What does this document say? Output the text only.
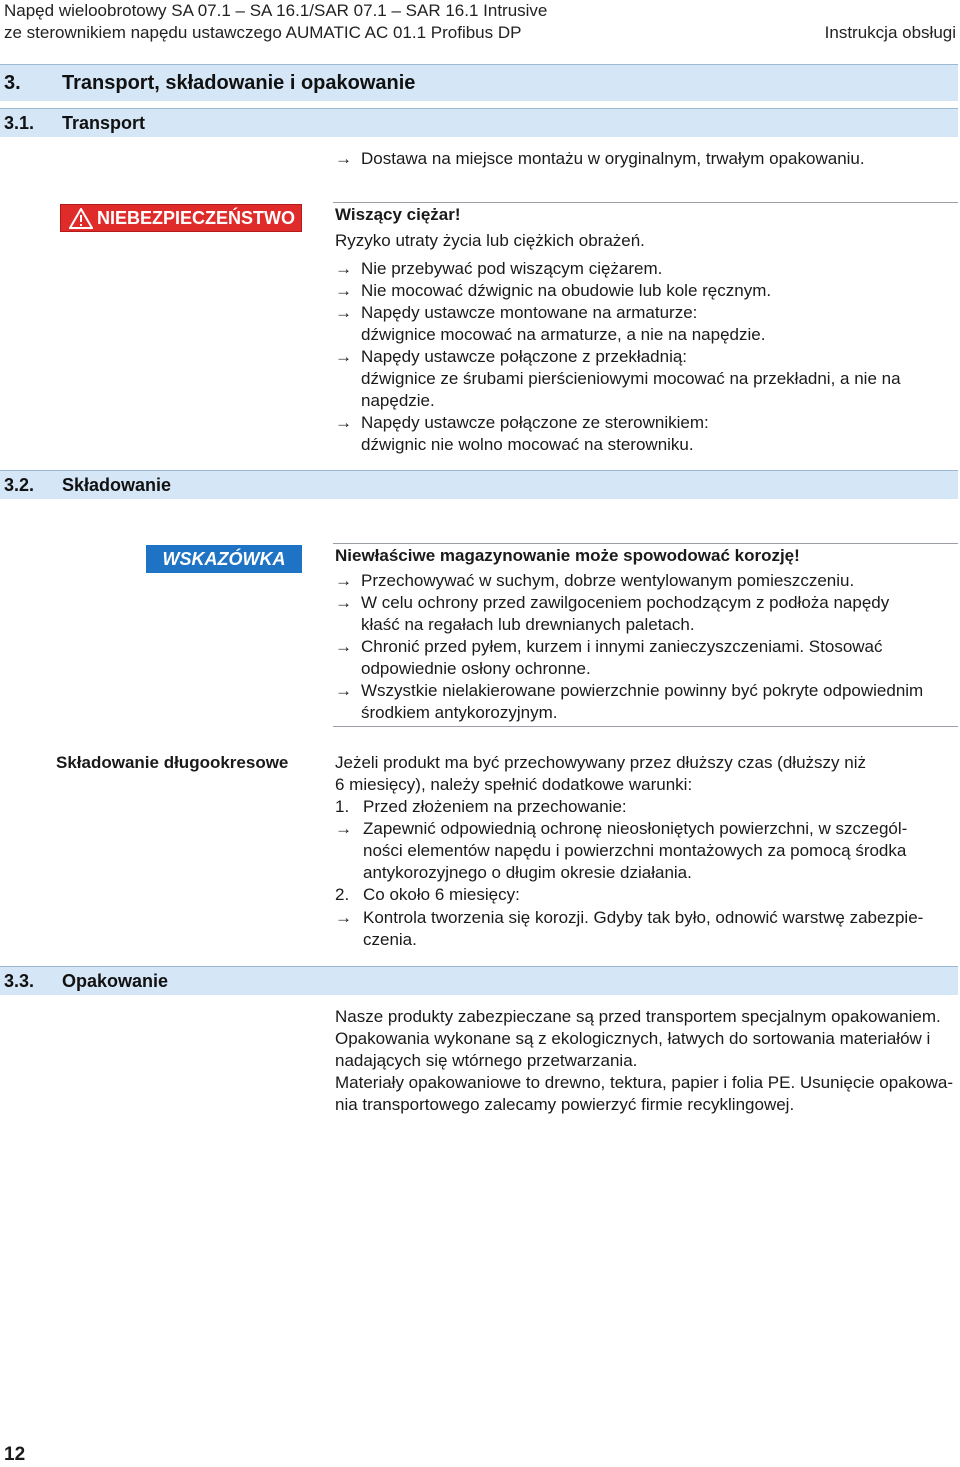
Napęd wieloobrotowy SA 07.1 – SA 16.1/SAR 07.1 – SAR 16.1 Intrusive
ze sterownikiem napędu ustawczego AUMATIC AC 01.1 Profibus DP	Instrukcja obsługi
3. Transport, składowanie i opakowanie
3.1. Transport
→ Dostawa na miejsce montażu w oryginalnym, trwałym opakowaniu.
NIEBEZPIECZEŃSTWO Wiszący ciężar!
Ryzyko utraty życia lub ciężkich obrażeń.
→ Nie przebywać pod wiszącym ciężarem.
→ Nie mocować dźwignic na obudowie lub kole ręcznym.
→ Napędy ustawcze montowane na armaturze:
dźwignice mocować na armaturze, a nie na napędzie.
→ Napędy ustawcze połączone z przekładnią:
dźwignice ze śrubami pierścieniowymi mocować na przekładni, a nie na
napędzie.
→ Napędy ustawcze połączone ze sterownikiem:
dźwignic nie wolno mocować na sterowniku.
3.2. Składowanie
WSKAZÓWKA	Niewłaściwe magazynowanie może spowodować korozję!
→ Przechowywać w suchym, dobrze wentylowanym pomieszczeniu.
→ W celu ochrony przed zawilgoceniem pochodzącym z podłoża napędy
kłaść na regałach lub drewnianych paletach.
→ Chronić przed pyłem, kurzem i innymi zanieczyszczeniami. Stosować
odpowiednie osłony ochronne.
→ Wszystkie nielakierowane powierzchnie powinny być pokryte odpowiednim
środkiem antykorozyjnym.
Składowanie długookresowe	Jeżeli produkt ma być przechowywany przez dłuższy czas (dłuższy niż
6 miesięcy), należy spełnić dodatkowe warunki:
1. Przed złożeniem na przechowanie:
→ Zapewnić odpowiednią ochronę nieosłoniętych powierzchni, w szczegól-
ności elementów napędu i powierzchni montażowych za pomocą środka
antykorozyjnego o długim okresie działania.
2. Co około 6 miesięcy:
→ Kontrola tworzenia się korozji. Gdyby tak było, odnowić warstwę zabezpie-
czenia.
3.3. Opakowanie
Nasze produkty zabezpieczane są przed transportem specjalnym opakowaniem.
Opakowania wykonane są z ekologicznych, łatwych do sortowania materiałów i
nadających się wtórnego przetwarzania.
Materiały opakowaniowe to drewno, tektura, papier i folia PE. Usunięcie opakowa-
nia transportowego zalecamy powierzyć firmie recyklingowej.
12
